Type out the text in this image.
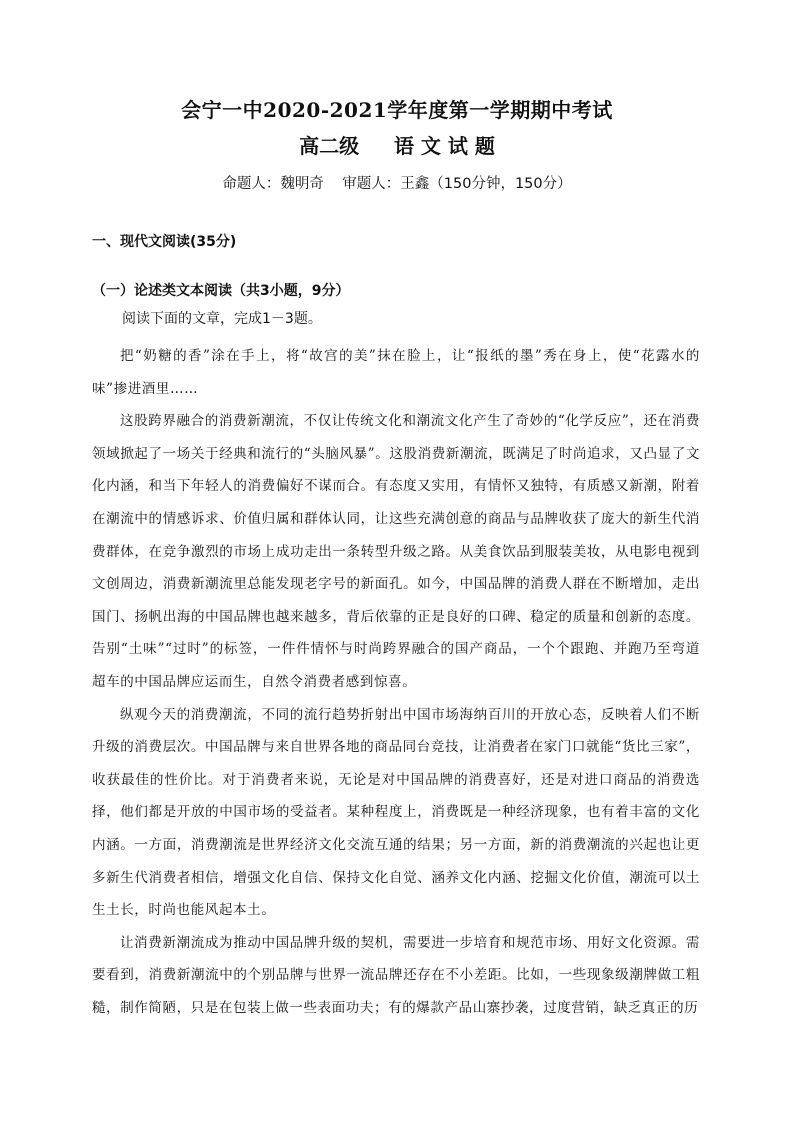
会宁一中2020-2021学年度第一学期期中考试
高二级     语 文 试 题
命题人：魏明奇    审题人：王鑫（150分钟，150分）
一、现代文阅读(35分)
（一）论述类文本阅读（共3小题，9分）
阅读下面的文章，完成1－3题。

把“奶糖的香”涂在手上，将“故宫的美”抹在脸上，让“报纸的墨”秀在身上，使“花露水的味”掺进酒里……

这股跨界融合的消费新潮流，不仅让传统文化和潮流文化产生了奇妙的“化学反应”，还在消费领域掀起了一场关于经典和流行的“头脑风暴”。这股消费新潮流，既满足了时尚追求，又凸显了文化内涵，和当下年轻人的消费偏好不谋而合。有态度又实用，有情怀又独特，有质感又新潮，附着在潮流中的情感诉求、价值归属和群体认同，让这些充满创意的商品与品牌收获了庞大的新生代消费群体，在竞争激烈的市场上成功走出一条转型升级之路。从美食饮品到服装美妆，从电影电视到文创周边，消费新潮流里总能发现老字号的新面孔。如今，中国品牌的消费人群在不断增加，走出国门、扬帆出海的中国品牌也越来越多，背后依靠的正是良好的口碑、稳定的质量和创新的态度。告别“土味”“过时”的标签，一件件情怀与时尚跨界融合的国产商品，一个个跟跑、并跑乃至弯道超车的中国品牌应运而生，自然令消费者感到惊喜。

纵观今天的消费潮流，不同的流行趋势折射出中国市场海纳百川的开放心态，反映着人们不断升级的消费层次。中国品牌与来自世界各地的商品同台竞技，让消费者在家门口就能“货比三家”，收获最佳的性价比。对于消费者来说，无论是对中国品牌的消费喜好，还是对进口商品的消费选择，他们都是开放的中国市场的受益者。某种程度上，消费既是一种经济现象，也有着丰富的文化内涵。一方面，消费潮流是世界经济文化交流互通的结果；另一方面，新的消费潮流的兴起也让更多新生代消费者相信，增强文化自信、保持文化自觉、涵养文化内涵、挖掘文化价值，潮流可以土生土长，时尚也能风起本土。

让消费新潮流成为推动中国品牌升级的契机，需要进一步培育和规范市场、用好文化资源。需要看到，消费新潮流中的个别品牌与世界一流品牌还存在不小差距。比如，一些现象级潮牌做工粗糙，制作简陋，只是在包装上做一些表面功夫；有的爆款产品山寨抄袭，过度营销，缺乏真正的历
